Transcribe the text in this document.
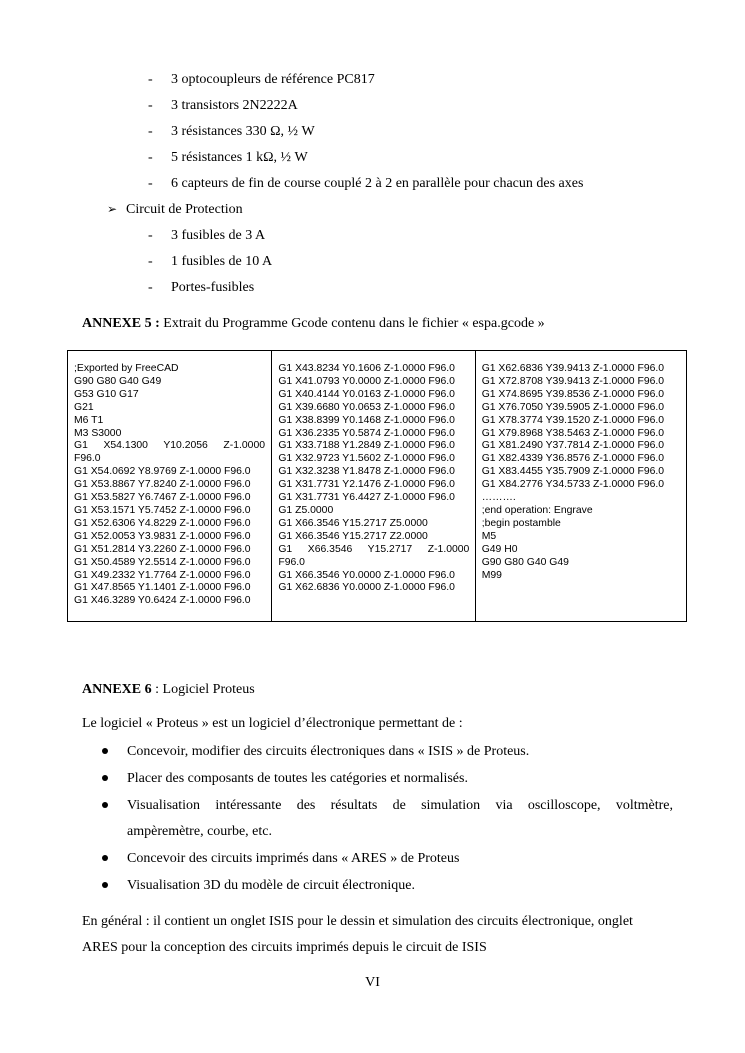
- 3 optocoupleurs de référence PC817
- 3 transistors 2N2222A
- 3 résistances 330 Ω, ½ W
- 5 résistances 1 kΩ, ½ W
- 6 capteurs de fin de course couplé 2 à 2 en parallèle pour chacun des axes
➢ Circuit de Protection
- 3 fusibles de 3 A
- 1 fusibles de 10 A
- Portes-fusibles
ANNEXE 5 : Extrait du Programme Gcode contenu dans le fichier « espa.gcode »
;Exported by FreeCAD
G90 G80 G40 G49
G53 G10 G17
G21
M6 T1
M3 S3000
G1 X54.1300 Y10.2056 Z-1.0000
F96.0
G1 X54.0692 Y8.9769 Z-1.0000 F96.0
G1 X53.8867 Y7.8240 Z-1.0000 F96.0
G1 X53.5827 Y6.7467 Z-1.0000 F96.0
G1 X53.1571 Y5.7452 Z-1.0000 F96.0
G1 X52.6306 Y4.8229 Z-1.0000 F96.0
G1 X52.0053 Y3.9831 Z-1.0000 F96.0
G1 X51.2814 Y3.2260 Z-1.0000 F96.0
G1 X50.4589 Y2.5514 Z-1.0000 F96.0
G1 X49.2332 Y1.7764 Z-1.0000 F96.0
G1 X47.8565 Y1.1401 Z-1.0000 F96.0
G1 X46.3289 Y0.6424 Z-1.0000 F96.0
G1 X43.8234 Y0.1606 Z-1.0000 F96.0
G1 X41.0793 Y0.0000 Z-1.0000 F96.0
G1 X40.4144 Y0.0163 Z-1.0000 F96.0
G1 X39.6680 Y0.0653 Z-1.0000 F96.0
G1 X38.8399 Y0.1468 Z-1.0000 F96.0
G1 X36.2335 Y0.5874 Z-1.0000 F96.0
G1 X33.7188 Y1.2849 Z-1.0000 F96.0
G1 X32.9723 Y1.5602 Z-1.0000 F96.0
G1 X32.3238 Y1.8478 Z-1.0000 F96.0
G1 X31.7731 Y2.1476 Z-1.0000 F96.0
G1 X31.7731 Y6.4427 Z-1.0000 F96.0
G1 Z5.0000
G1 X66.3546 Y15.2717 Z5.0000
G1 X66.3546 Y15.2717 Z2.0000
G1 X66.3546 Y15.2717 Z-1.0000
F96.0
G1 X66.3546 Y0.0000 Z-1.0000 F96.0
G1 X62.6836 Y0.0000 Z-1.0000 F96.0
G1 X62.6836 Y39.9413 Z-1.0000 F96.0
G1 X72.8708 Y39.9413 Z-1.0000 F96.0
G1 X74.8695 Y39.8536 Z-1.0000 F96.0
G1 X76.7050 Y39.5905 Z-1.0000 F96.0
G1 X78.3774 Y39.1520 Z-1.0000 F96.0
G1 X79.8968 Y38.5463 Z-1.0000 F96.0
G1 X81.2490 Y37.7814 Z-1.0000 F96.0
G1 X82.4339 Y36.8576 Z-1.0000 F96.0
G1 X83.4455 Y35.7909 Z-1.0000 F96.0
G1 X84.2776 Y34.5733 Z-1.0000 F96.0
……….
;end operation: Engrave
;begin postamble
M5
G49 H0
G90 G80 G40 G49
M99
ANNEXE 6 : Logiciel Proteus
Le logiciel « Proteus » est un logiciel d’électronique permettant de :
Concevoir, modifier des circuits électroniques dans « ISIS » de Proteus.
Placer des composants de toutes les catégories et normalisés.
Visualisation intéressante des résultats de simulation via oscilloscope, voltmètre,
ampèremètre, courbe, etc.
Concevoir des circuits imprimés dans « ARES » de Proteus
Visualisation 3D du modèle de circuit électronique.
En général : il contient un onglet ISIS pour le dessin et simulation des circuits électronique, onglet
ARES pour la conception des circuits imprimés depuis le circuit de ISIS
VI
